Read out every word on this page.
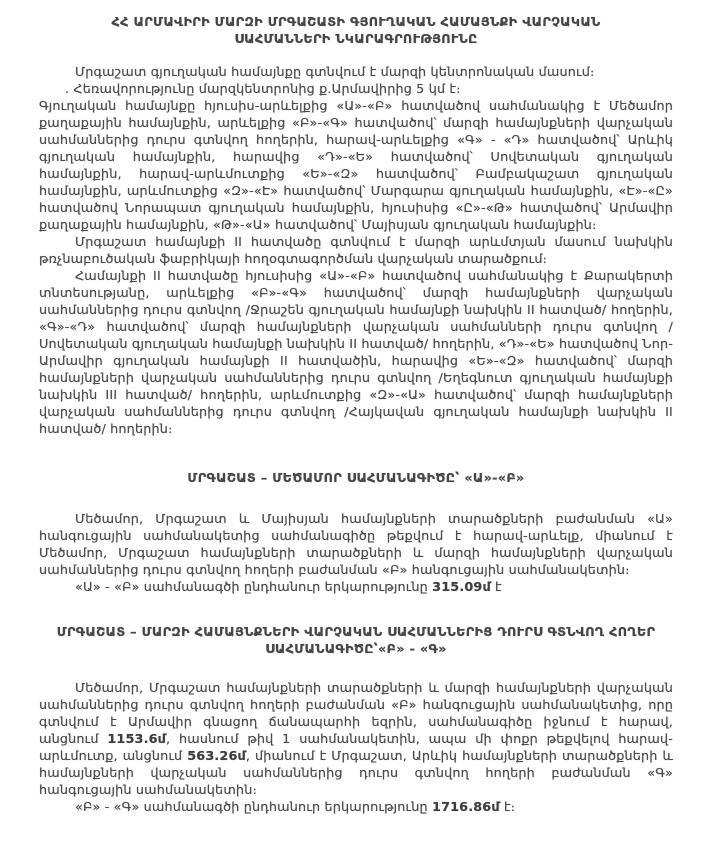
ՀՀ ԱՐՄԱՎԻՐԻ ՄԱՐԶԻ ՄՐԳԱՇԱՏԻ ԳՅՈՒՂԱԿԱՆ ՀԱՄԱՅՆՔԻ ՎԱՐՉԱԿԱՆ
ՍԱՀՄԱՆՆԵՐԻ ՆԿԱՐԱԳՐՈՒԹՅՈՒՆԸ

Մրգաշատ գյուղական համայնքը գտնվում է մարզի կենտրոնական մասում։

. Հեռավորությունը մարզկենտրոնից ք.Արմավիրից 5 կմ է։

Գյուղական համայնքը հյուսիս-արևելքից «Ա»-«Բ» հատվածով սահմանակից է Մեծամոր քաղաքային համայնքին, արևելքից «Բ»-«Գ» հատվածով՝ մարզի համայնքների վարչական սահմաններից դուրս գտնվող հողերին, հարավ-արևելքից «Գ» - «Դ» հատվածով՝ Արևիկ գյուղական համայնքին, հարավից «Դ»-«Ե» հատվածով՝ Սովետական գյուղական համայնքին, հարավ-արևմուտքից «Ե»-«Զ» հատվածով՝ Բամբակաշատ գյուղական համայնքին, արևմուտքից «Զ»-«Է» հատվածով՝ Մարգարա գյուղական համայնքին, «Է»-«Ը» հատվածով Նորապատ գյուղական համայնքին, հյուսիսից «Ը»-«Թ» հատվածով՝ Արմավիր քաղաքային համայնքին, «Թ»-«Ա» հատվածով՝ Մայիսյան գյուղական համայնքին։

Մրգաշատ համայնքի II հատվածը գտնվում է մարզի արևմտյան մասում նախկին թռչնաբուծական ֆաբրիկայի հողօգտագործման վարչական տարածքում։

Համայնքի II հատվածը հյուսիսից «Ա»-«Բ» հատվածով սահմանակից է Քարակերտի տնտեսությանը, արևելքից «Բ»-«Գ» հատվածով՝ մարզի համայնքների վարչական սահմաններից դուրս գտնվող /Ջրաշեն գյուղական համայնքի նախկին II հատված/ հողերին, «Գ»-«Դ» հատվածով՝ մարզի համայնքների վարչական սահմանների դուրս գտնվող /Սովետական գյուղական համայնքի նախկին II հատված/ հողերին, «Դ»-«Ե» հատվածով Նոր-Արմավիր գյուղական համայնքի II հատվածին, հարավից «Ե»-«Զ» հատվածով՝ մարզի համայնքների վարչական սահմաններից դուրս գտնվող /Եղեգնուտ գյուղական համայնքի նախկին III հատված/ հողերին, արևմուտքից «Զ»-«Ա» հատվածով՝ մարզի համայնքների վարչական սահմաններից դուրս գտնվող /Հայկավան գյուղական համայնքի նախկին II հատված/ հողերին։

ՄՐԳԱՇԱՏ – ՄԵԾԱՄՈՐ ՍԱՀՄԱՆԱԳԻԾԸ՝ «Ա»-«Բ»

Մեծամոր, Մրգաշատ և Մայիսյան համայնքների տարածքների բաժանման «Ա» հանգուցային սահմանակետից սահմանագիծը թեքվում է հարավ-արևելք, միանում է Մեծամոր, Մրգաշատ համայնքների տարածքների և մարզի համայնքների վարչական սահմաններից դուրս գտնվող հողերի բաժանման «Բ» հանգուցային սահմանակետին։

«Ա» - «Բ» սահմանագծի ընդհանուր երկարությունը 315.09մ է

ՄՐԳԱՇԱՏ – ՄԱՐԶԻ ՀԱՄԱՅՆՔՆԵՐԻ ՎԱՐՉԱԿԱՆ ՍԱՀՄԱՆՆԵՐԻՑ ԴՈՒՐՍ ԳՏՆՎՈՂ ՀՈՂԵՐ
ՍԱՀՄԱՆԱԳԻԾԸ՝«Բ» - «Գ»

Մեծամոր, Մրգաշատ համայնքների տարածքների և մարզի համայնքների վարչական սահմաններից դուրս գտնվող հողերի բաժանման «Բ» հանգուցային սահմանակետից, որը գտնվում է Արմավիր գնացող ճանապարհի եզրին, սահմանագիծը իջնում է հարավ, անցնում 1153.6մ, հասնում թիվ 1 սահմանակետին, ապա մի փոքր թեքվելով հարավ-արևմուտք, անցնում 563.26մ, միանում է Մրգաշատ, Արևիկ համայնքների տարածքների և համայնքների վարչական սահմաններից դուրս գտնվող հողերի բաժանման «Գ» հանգուցային սահմանակետին։

«Բ» - «Գ» սահմանագծի ընդհանուր երկարությունը 1716.86մ է։
